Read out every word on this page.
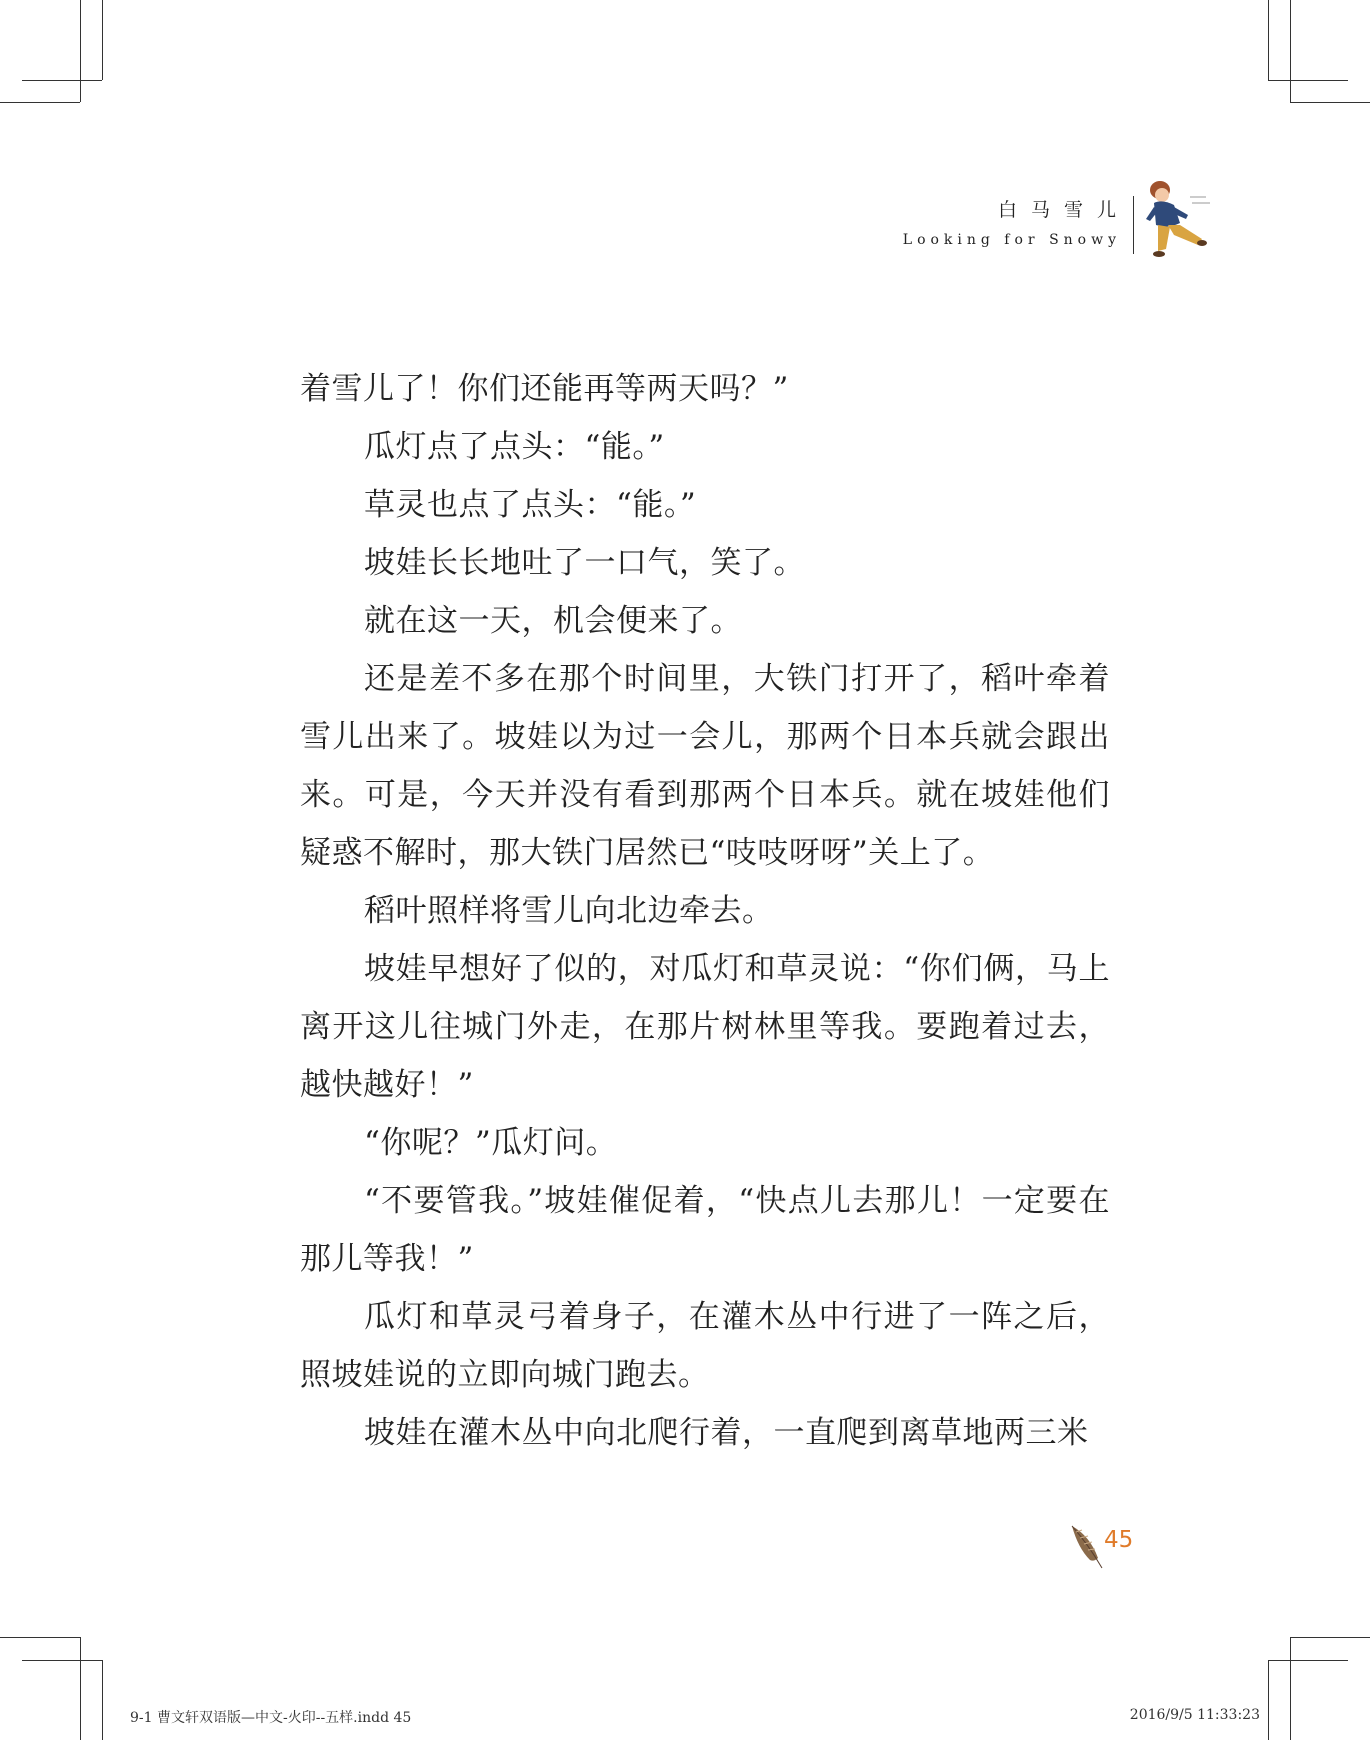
白马雪儿
Looking for Snowy

着雪儿了！你们还能再等两天吗？”

瓜灯点了点头：“能。”

草灵也点了点头：“能。”

坡娃长长地吐了一口气，笑了。

就在这一天，机会便来了。

还是差不多在那个时间里，大铁门打开了，稻叶牵着雪儿出来了。坡娃以为过一会儿，那两个日本兵就会跟出来。可是，今天并没有看到那两个日本兵。就在坡娃他们疑惑不解时，那大铁门居然已“吱吱呀呀”关上了。

稻叶照样将雪儿向北边牵去。

坡娃早想好了似的，对瓜灯和草灵说：“你们俩，马上离开这儿往城门外走，在那片树林里等我。要跑着过去，越快越好！”

“你呢？”瓜灯问。

“不要管我。”坡娃催促着，“快点儿去那儿！一定要在那儿等我！”

瓜灯和草灵弓着身子，在灌木丛中行进了一阵之后，照坡娃说的立即向城门跑去。

坡娃在灌木丛中向北爬行着，一直爬到离草地两三米

45
9-1 曹文轩双语版—中文-火印--五样.indd 45	2016/9/5 11:33:23
